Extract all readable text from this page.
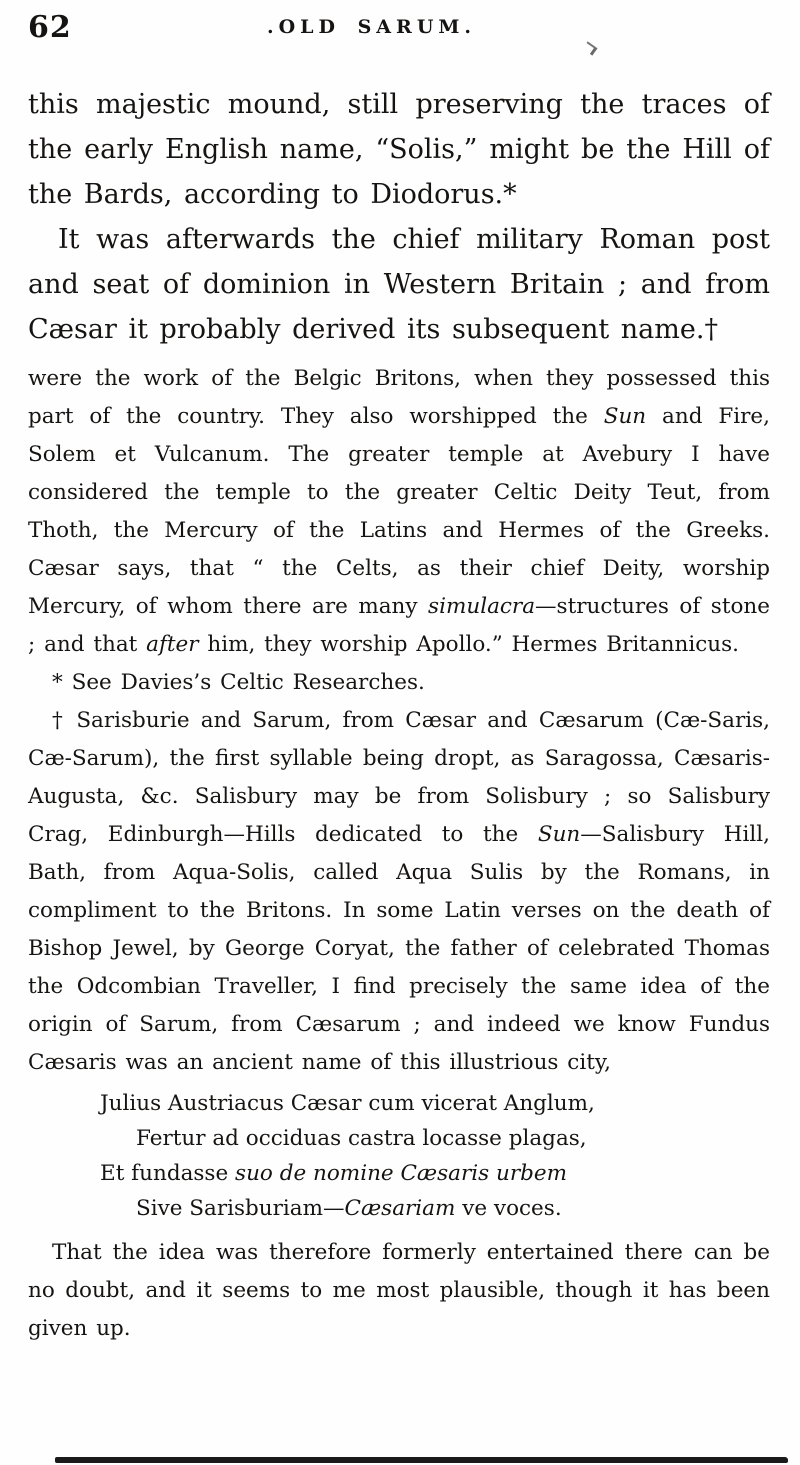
62	.OLD SARUM.

this majestic mound, still preserving the traces of the early English name, “Solis,” might be the Hill of the Bards, according to Diodorus.*

It was afterwards the chief military Roman post and seat of dominion in Western Britain ; and from Cæsar it probably derived its subsequent name.†

were the work of the Belgic Britons, when they possessed this part of the country. They also worshipped the Sun and Fire, Solem et Vulcanum. The greater temple at Avebury I have considered the temple to the greater Celtic Deity Teut, from Thoth, the Mercury of the Latins and Hermes of the Greeks. Cæsar says, that “ the Celts, as their chief Deity, worship Mercury, of whom there are many simulacra—structures of stone ; and that after him, they worship Apollo.” Hermes Britannicus.

* See Davies’s Celtic Researches.

† Sarisburie and Sarum, from Cæsar and Cæsarum (Cæ-Saris, Cæ-Sarum), the first syllable being dropt, as Saragossa, Cæsaris-Augusta, &c. Salisbury may be from Solisbury ; so Salisbury Crag, Edinburgh—Hills dedicated to the Sun—Salisbury Hill, Bath, from Aqua-Solis, called Aqua Sulis by the Romans, in compliment to the Britons. In some Latin verses on the death of Bishop Jewel, by George Coryat, the father of celebrated Thomas the Odcombian Traveller, I find precisely the same idea of the origin of Sarum, from Cæsarum ; and indeed we know Fundus Cæsaris was an ancient name of this illustrious city,

Julius Austriacus Cæsar cum vicerat Anglum,

Fertur ad occiduas castra locasse plagas,

Et fundasse suo de nomine Cæsaris urbem

Sive Sarisburiam—Cæsariam ve voces.

That the idea was therefore formerly entertained there can be no doubt, and it seems to me most plausible, though it has been given up.
